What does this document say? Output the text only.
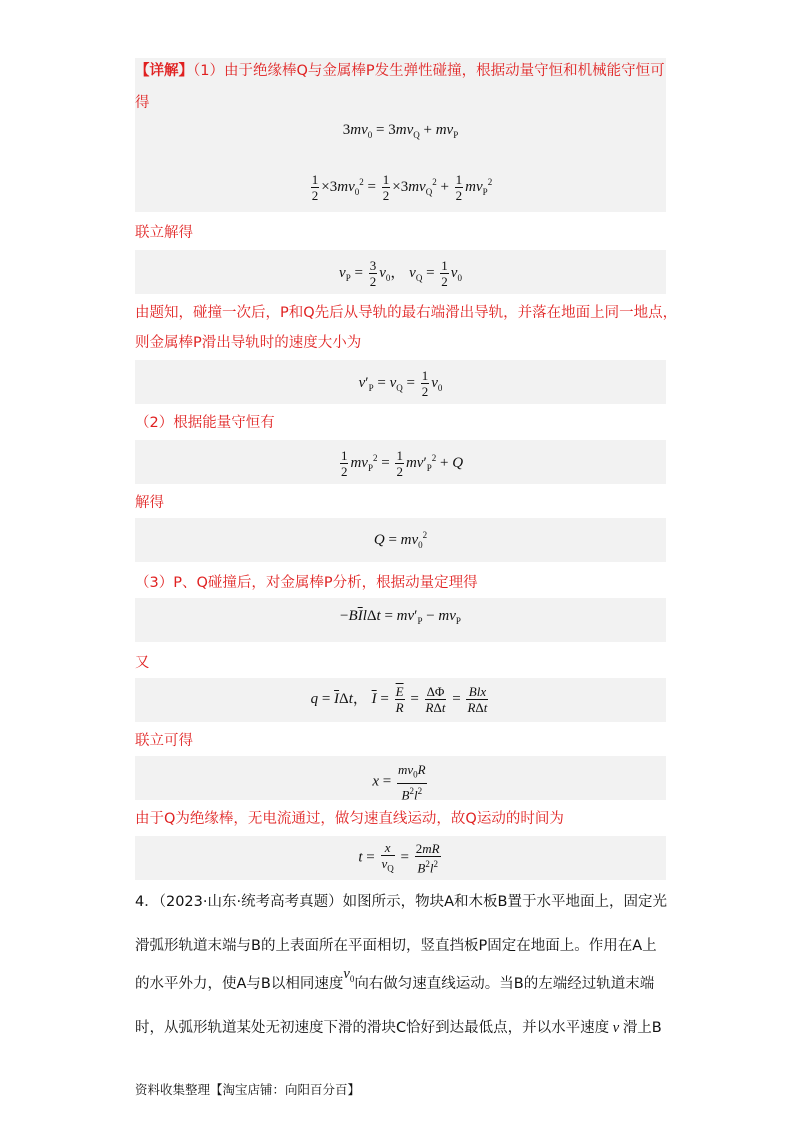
【详解】（1）由于绝缘棒Q与金属棒P发生弹性碰撞，根据动量守恒和机械能守恒可
得
$3mv_0 = 3mv_Q + mv_P$
$\frac{1}{2} \times 3mv_0^2 = \frac{1}{2} \times 3mv_Q^2 + \frac{1}{2} mv_P^2$
联立解得
$v_P = \frac{3}{2} v_0$， $v_Q = \frac{1}{2} v_0$
由题知，碰撞一次后，P和Q先后从导轨的最右端滑出导轨，并落在地面上同一地点，
则金属棒P滑出导轨时的速度大小为
$v'_P = v_Q = \frac{1}{2} v_0$
（2）根据能量守恒有
$\frac{1}{2} mv_P^2 = \frac{1}{2} mv'_P^2 + Q$
解得
$Q = mv_0^2$
（3）P、Q碰撞后，对金属棒P分析，根据动量定理得
$-B\overline{I}l\Delta t = mv'_P - mv_P$
又
$q = \overline{I}\Delta t$， $\overline{I} = \frac{\overline{E}}{R} = \frac{\Delta\Phi}{\text{RΔt}} = \frac{\text{Blx}}{\text{RΔt}}$
联立可得
$x = \frac{mv_0R}{B^2l^2}$
由于Q为绝缘棒，无电流通过，做匀速直线运动，故Q运动的时间为
$t = \frac{x}{v_Q} = \frac{2mR}{B^2l^2}$
4．（2023·山东·统考高考真题）如图所示，物块A和木板B置于水平地面上，固定光
滑弧形轨道末端与B的上表面所在平面相切，竖直挡板P固定在地面上。作用在A上
的水平外力，使A与B以相同速度$v_0$向右做匀速直线运动。当B的左端经过轨道末端
时，从弧形轨道某处无初速度下滑的滑块C恰好到达最低点，并以水平速度 v 滑上B
资料收集整理【淘宝店铺：向阳百分百】
